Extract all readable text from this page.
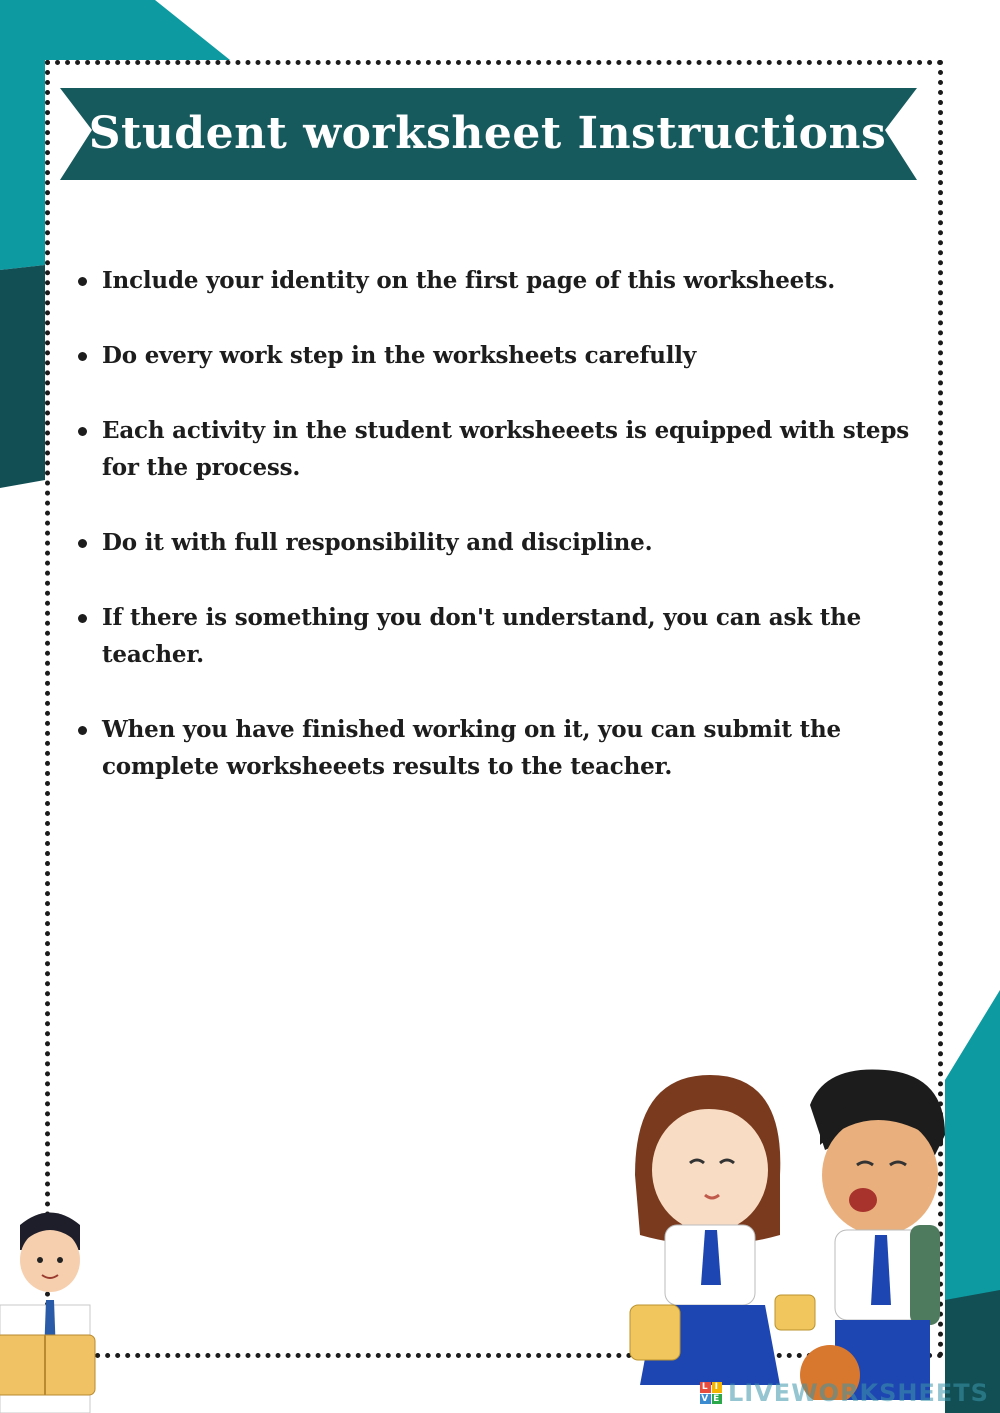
Student worksheet Instructions
Include your identity on the first page of this worksheets.
Do every work step in the worksheets carefully
Each activity in the student worksheeets is equipped with steps for the process.
Do it with full responsibility and discipline.
If there is something you don't understand, you can ask the teacher.
When you have finished working on it, you can submit the complete worksheeets results to the teacher.
L I
V E LIVEWORKSHEETS
